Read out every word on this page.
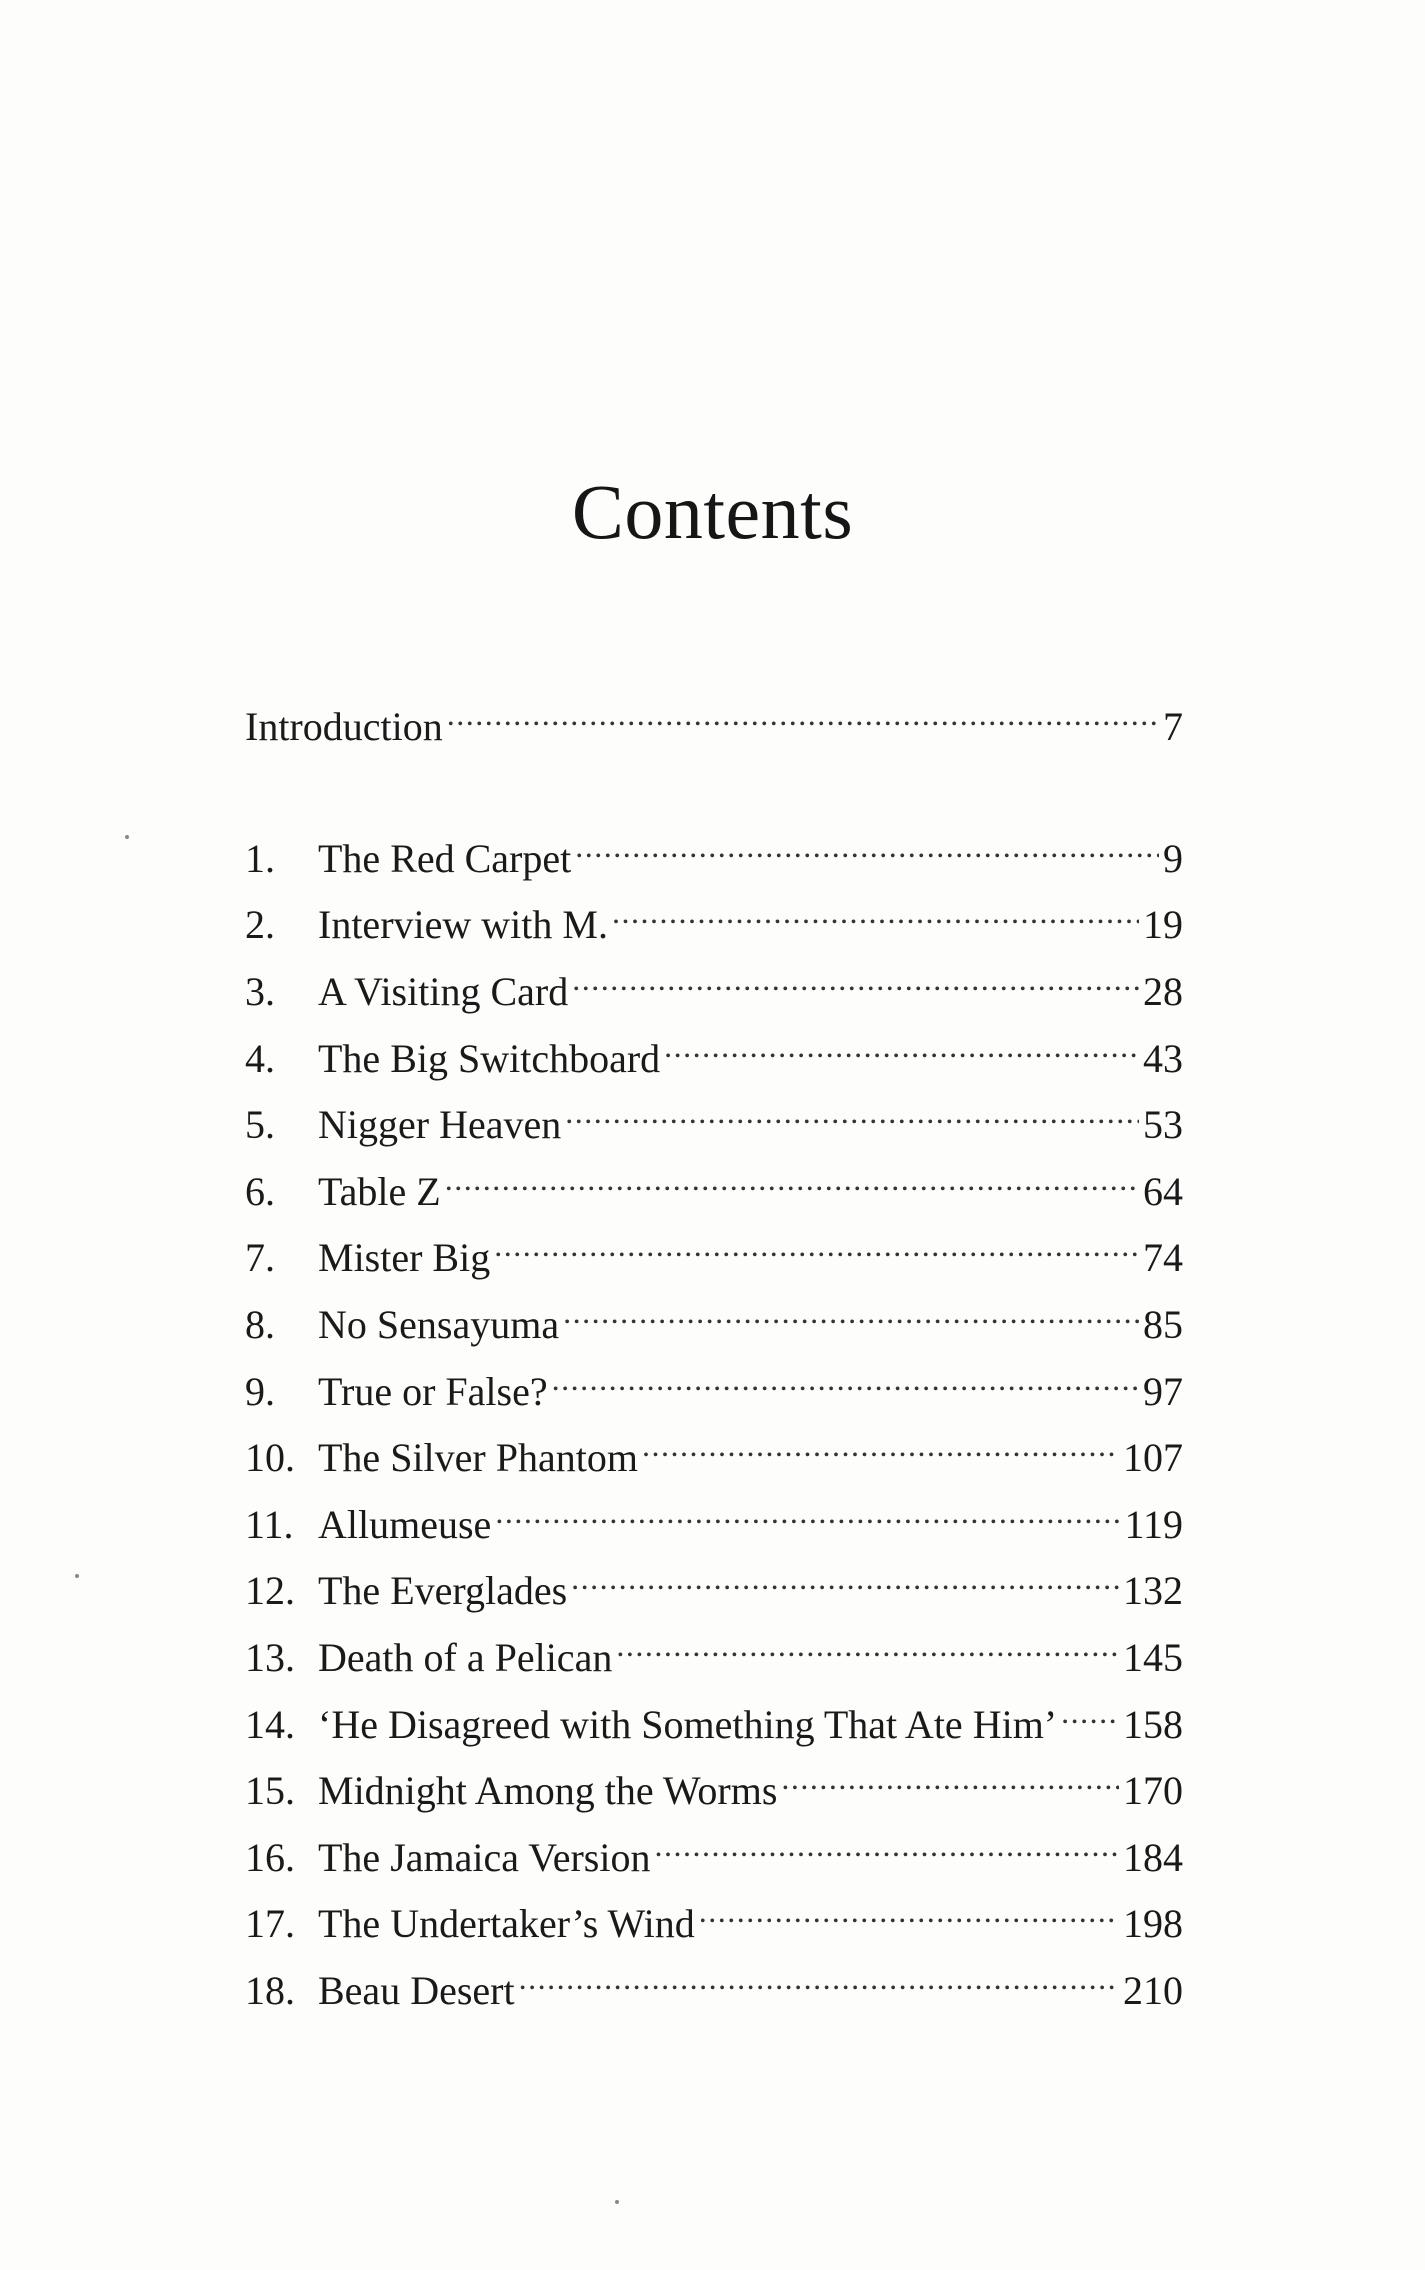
Contents
Introduction .....	7
1.	The Red Carpet .....	9
2.	Interview with M. .....	19
3.	A Visiting Card .....	28
4.	The Big Switchboard .....	43
5.	Nigger Heaven .....	53
6.	Table Z .....	64
7.	Mister Big .....	74
8.	No Sensayuma .....	85
9.	True or False? .....	97
10. The Silver Phantom .....	107
11. Allumeuse .....	119
12. The Everglades .....	132
13. Death of a Pelican .....	145
14. ‘He Disagreed with Something That Ate Him’ ..... 158
15. Midnight Among the Worms .....	170
16. The Jamaica Version .....	184
17. The Undertaker’s Wind .....	198
18. Beau Desert .....	210
